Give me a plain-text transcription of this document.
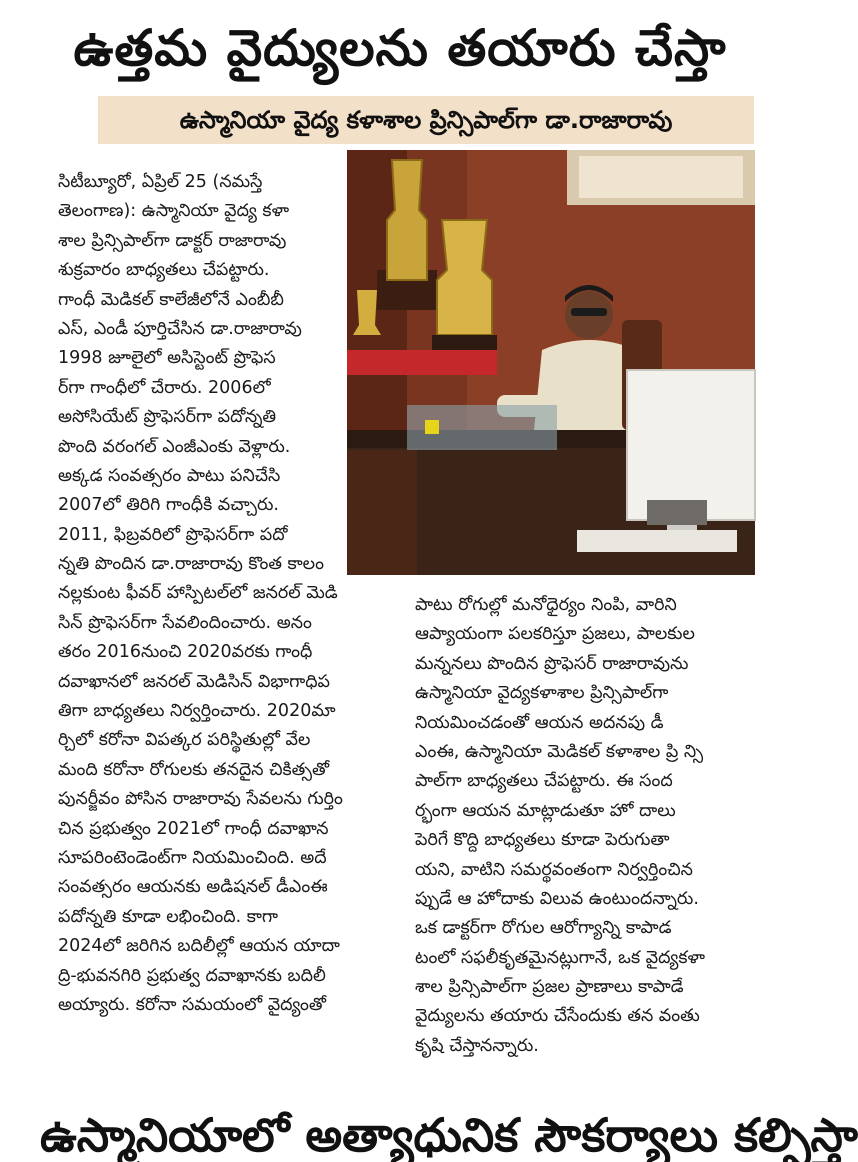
ఉత్తమ వైద్యులను తయారు చేస్తా
ఉస్మానియా వైద్య కళాశాల ప్రిన్సిపాల్‌గా డా.రాజారావు
సిటీబ్యూరో, ఏప్రిల్ 25 (నమస్తే
తెలంగాణ): ఉస్మానియా వైద్య కళా
శాల ప్రిన్సిపాల్‌గా డాక్టర్ రాజారావు
శుక్రవారం బాధ్యతలు చేపట్టారు.
గాంధీ మెడికల్ కాలేజీలోనే ఎంబీబీ
ఎస్, ఎండీ పూర్తిచేసిన డా.రాజారావు
1998 జూలైలో అసిస్టెంట్ ప్రొఫెస
ర్‌గా గాంధీలో చేరారు. 2006లో
అసోసియేట్ ప్రొఫెసర్‌గా పదోన్నతి
పొంది వరంగల్ ఎంజీఎంకు వెళ్లారు.
అక్కడ సంవత్సరం పాటు పనిచేసి
2007లో తిరిగి గాంధీకి వచ్చారు.
2011, ఫిబ్రవరిలో ప్రొఫెసర్‌గా పదో
న్నతి పొందిన డా.రాజారావు కొంత కాలం
నల్లకుంట ఫీవర్ హాస్పిటల్‌లో జనరల్ మెడి
సిన్ ప్రొఫెసర్‌గా సేవలిందించారు. అనం
తరం 2016నుంచి 2020వరకు గాంధీ
దవాఖానలో జనరల్ మెడిసిన్ విభాగాధిప
తిగా బాధ్యతలు నిర్వర్తించారు. 2020మా
ర్చిలో కరోనా విపత్కర పరిస్థితుల్లో వేల
మంది కరోనా రోగులకు తనదైన చికిత్సతో
పునర్జీవం పోసిన రాజారావు సేవలను గుర్తిం
చిన ప్రభుత్వం 2021లో గాంధీ దవాఖాన
సూపరింటెండెంట్‌గా నియమించింది. అదే
సంవత్సరం ఆయనకు అడిషనల్ డీఎంఈ
పదోన్నతి కూడా లభించింది. కాగా
2024లో జరిగిన బదిలీల్లో ఆయన యాదా
ద్రి-భువనగిరి ప్రభుత్వ దవాఖానకు బదిలీ
అయ్యారు. కరోనా సమయంలో వైద్యంతో
పాటు రోగుల్లో మనోధైర్యం నింపి, వారిని
ఆప్యాయంగా పలకరిస్తూ ప్రజలు, పాలకుల
మన్ననలు పొందిన ప్రొఫెసర్ రాజారావును
ఉస్మానియా వైద్యకళాశాల ప్రిన్సిపాల్‌గా
నియమించడంతో ఆయన అదనపు డీ
ఎంఈ, ఉస్మానియా మెడికల్ కళాశాల ప్రి న్సి
పాల్‌గా బాధ్యతలు చేపట్టారు. ఈ సంద
ర్భంగా ఆయన మాట్లాడుతూ హో దాలు
పెరిగే కొద్ది బాధ్యతలు కూడా పెరుగుతా
యని, వాటిని సమర్థవంతంగా నిర్వర్తించిన
ప్పుడే ఆ హోదాకు విలువ ఉంటుందన్నారు.
ఒక డాక్టర్‌గా రోగుల ఆరోగ్యాన్ని కాపాడ
టంలో సఫలీకృతమైనట్లుగానే, ఒక వైద్యకళా
శాల ప్రిన్సిపాల్‌గా ప్రజల ప్రాణాలు కాపాడే
వైద్యులను తయారు చేసేందుకు తన వంతు
కృషి చేస్తానన్నారు.
ఉస్మానియాలో అత్యాధునిక సౌకర్యాలు కల్పిస్తా
